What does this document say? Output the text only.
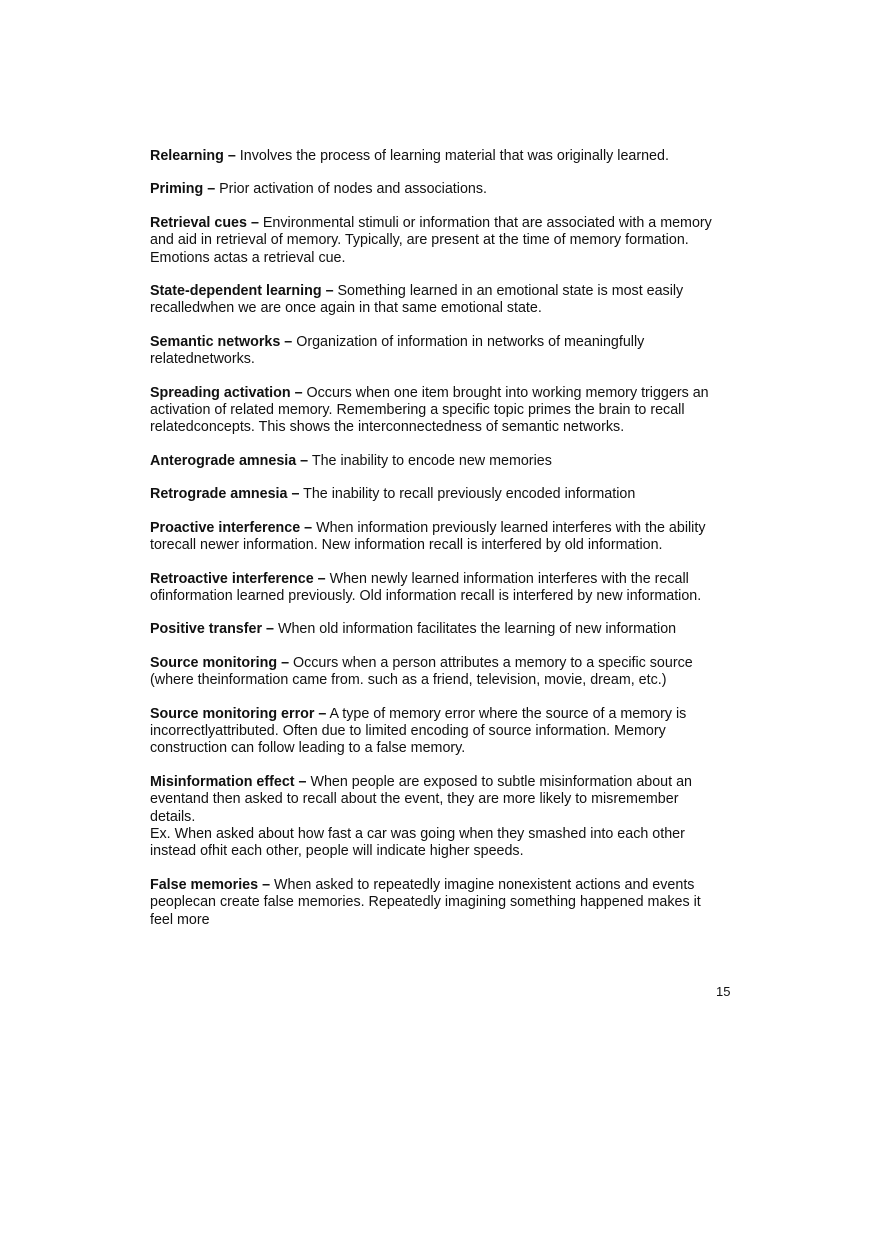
Relearning – Involves the process of learning material that was originally learned.

Priming – Prior activation of nodes and associations.

Retrieval cues – Environmental stimuli or information that are associated with a memory and aid in retrieval of memory. Typically, are present at the time of memory formation. Emotions actas a retrieval cue.

State-dependent learning – Something learned in an emotional state is most easily recalledwhen we are once again in that same emotional state.

Semantic networks – Organization of information in networks of meaningfully relatednetworks.

Spreading activation – Occurs when one item brought into working memory triggers an activation of related memory. Remembering a specific topic primes the brain to recall relatedconcepts. This shows the interconnectedness of semantic networks.

Anterograde amnesia – The inability to encode new memories

Retrograde amnesia – The inability to recall previously encoded information

Proactive interference – When information previously learned interferes with the ability torecall newer information. New information recall is interfered by old information.

Retroactive interference – When newly learned information interferes with the recall ofinformation learned previously. Old information recall is interfered by new information.

Positive transfer – When old information facilitates the learning of new information

Source monitoring – Occurs when a person attributes a memory to a specific source (where theinformation came from. such as a friend, television, movie, dream, etc.)

Source monitoring error – A type of memory error where the source of a memory is incorrectlyattributed. Often due to limited encoding of source information. Memory construction can follow leading to a false memory.

Misinformation effect – When people are exposed to subtle misinformation about an eventand then asked to recall about the event, they are more likely to misremember details.
Ex. When asked about how fast a car was going when they smashed into each other instead ofhit each other, people will indicate higher speeds.

False memories – When asked to repeatedly imagine nonexistent actions and events peoplecan create false memories. Repeatedly imagining something happened makes it feel more

15
